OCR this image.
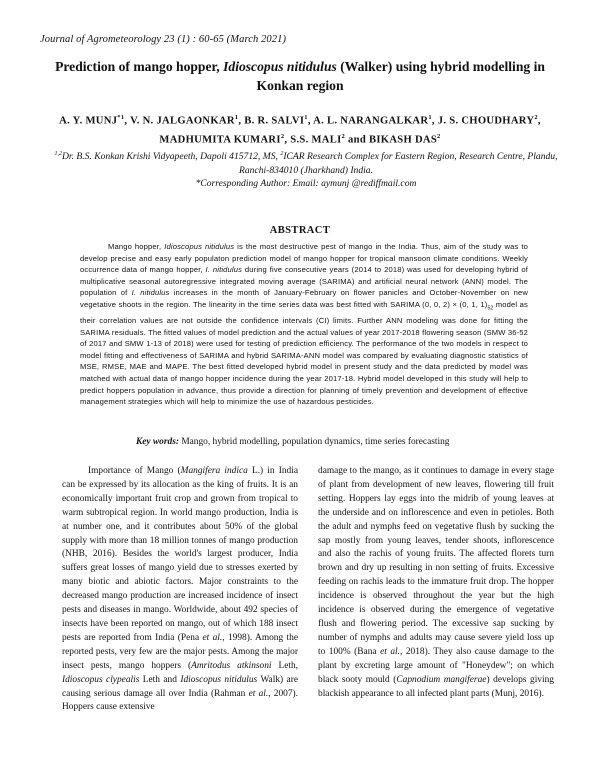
Journal of Agrometeorology 23 (1) : 60-65 (March 2021)
Prediction of mango hopper, Idioscopus nitidulus (Walker) using hybrid modelling in Konkan region
A. Y. MUNJ$^{*1}$, V. N. JALGAONKAR$^1$, B. R. SALVI$^1$, A. L. NARANGALKAR$^1$, J. S. CHOUDHARY$^2$,
MADHUMITA KUMARI$^2$, S.S. MALI$^2$ and BIKASH DAS$^2$
$^{1,2}$Dr. B.S. Konkan Krishi Vidyapeeth, Dapoli 415712, MS, $^2$ICAR Research Complex for Eastern Region, Research Centre, Plandu, Ranchi-834010 (Jharkhand) India.
*Corresponding Author: Email: aymunj @rediffmail.com
ABSTRACT
Mango hopper, Idioscopus nitidulus is the most destructive pest of mango in the India. Thus, aim of the study was to develop precise and easy early populaton prediction model of mango hopper for tropical mansoon climate conditions. Weekly occurrence data of mango hopper, I. nitidulus during five consecutive years (2014 to 2018) was used for developing hybrid of multiplicative seasonal autoregressive integrated moving average (SARIMA) and artificial neural network (ANN) model. The population of I. nitidulus increases in the month of January-February on flower panicles and October-November on new vegetative shoots in the region. The linearity in the time series data was best fitted with SARIMA (0, 0, 2) × (0, 1, $1)_{52}$ model as their correlation values are not outside the confidence intervals (CI) limits. Further ANN modeling was done for fitting the SARIMA residuals. The fitted values of model prediction and the actual values of year 2017-2018 flowering season (SMW 36-52 of 2017 and SMW 1-13 of 2018) were used for testing of prediction efficiency. The performance of the two models in respect to model fitting and effectiveness of SARIMA and hybrid SARIMA-ANN model was compared by evaluating diagnostic statistics of MSE, RMSE, MAE and MAPE. The best fitted developed hybrid model in present study and the data predicted by model was matched with actual data of mango hopper incidence during the year 2017-18. Hybrid model developed in this study will help to predict hoppers population in advance, thus provide a direction for planning of timely prevention and development of effective management strategies which will help to minimize the use of hazardous pesticides.
Key words: Mango, hybrid modelling, population dynamics, time series forecasting
Importance of Mango (Mangifera indica L.) in India can be expressed by its allocation as the king of fruits. It is an economically important fruit crop and grown from tropical to warm subtropical region. In world mango production, India is at number one, and it contributes about 50% of the global supply with more than 18 million tonnes of mango production (NHB, 2016). Besides the world's largest producer, India suffers great losses of mango yield due to stresses exerted by many biotic and abiotic factors. Major constraints to the decreased mango production are increased incidence of insect pests and diseases in mango. Worldwide, about 492 species of insects have been reported on mango, out of which 188 insect pests are reported from India (Pena et al., 1998). Among the reported pests, very few are the major pests. Among the major insect pests, mango hoppers (Amritodus atkinsoni Leth, Idioscopus clypealis Leth and Idioscopus nitidulus Walk) are causing serious damage all over India (Rahman et al., 2007). Hoppers cause extensive
damage to the mango, as it continues to damage in every stage of plant from development of new leaves, flowering till fruit setting. Hoppers lay eggs into the midrib of young leaves at the underside and on inflorescence and even in petioles. Both the adult and nymphs feed on vegetative flush by sucking the sap mostly from young leaves, tender shoots, inflorescence and also the rachis of young fruits. The affected florets turn brown and dry up resulting in non setting of fruits. Excessive feeding on rachis leads to the immature fruit drop. The hopper incidence is observed throughout the year but the high incidence is observed during the emergence of vegetative flush and flowering period. The excessive sap sucking by number of nymphs and adults may cause severe yield loss up to 100% (Bana et al., 2018). They also cause damage to the plant by excreting large amount of "Honeydew"; on which black sooty mould (Capnodium mangiferae) develops giving blackish appearance to all infected plant parts (Munj, 2016).
